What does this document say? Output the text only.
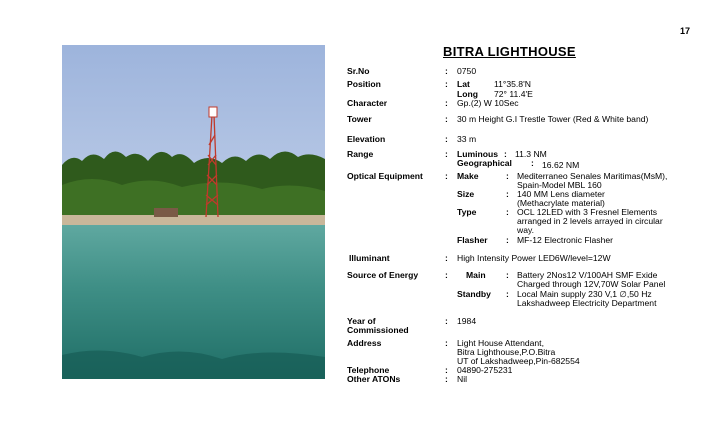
17
BITRA LIGHTHOUSE
Sr.No	: 0750
Position	: Lat	11°35.8'N
Long 72° 11.4'E
Character	: Gp.(2) W 10Sec
Tower	: 30 m Height G.I Trestle Tower (Red & White band)
Elevation	: 33 m
Range	: Luminous : 11.3 NM
Geographical : 16.62 NM
Optical Equipment	: Make	: Mediterraneo Senales Maritimas(MsM),
Spain-Model MBL 160
Size	: 140 MM Lens diameter
(Methacrylate material)
Type	: OCL 12LED with 3 Fresnel Elements
arranged in 2 levels arrayed in circular
way.
Flasher : MF-12 Electronic Flasher
Illuminant	: High Intensity Power LED6W/level=12W
Source of Energy	: Main : Battery 2Nos12 V/100AH SMF Exide
Charged through 12V,70W Solar Panel
Standby : Local Main supply 230 V,1 ∅,50 Hz
Lakshadweep Electricity Department
Year of
Commissioned
: 1984
Address	: Light House Attendant,
Bitra Lighthouse,P.O.Bitra
UT of Lakshadweep,Pin-682554
Telephone	: 04890-275231
Other ATONs	: Nil
